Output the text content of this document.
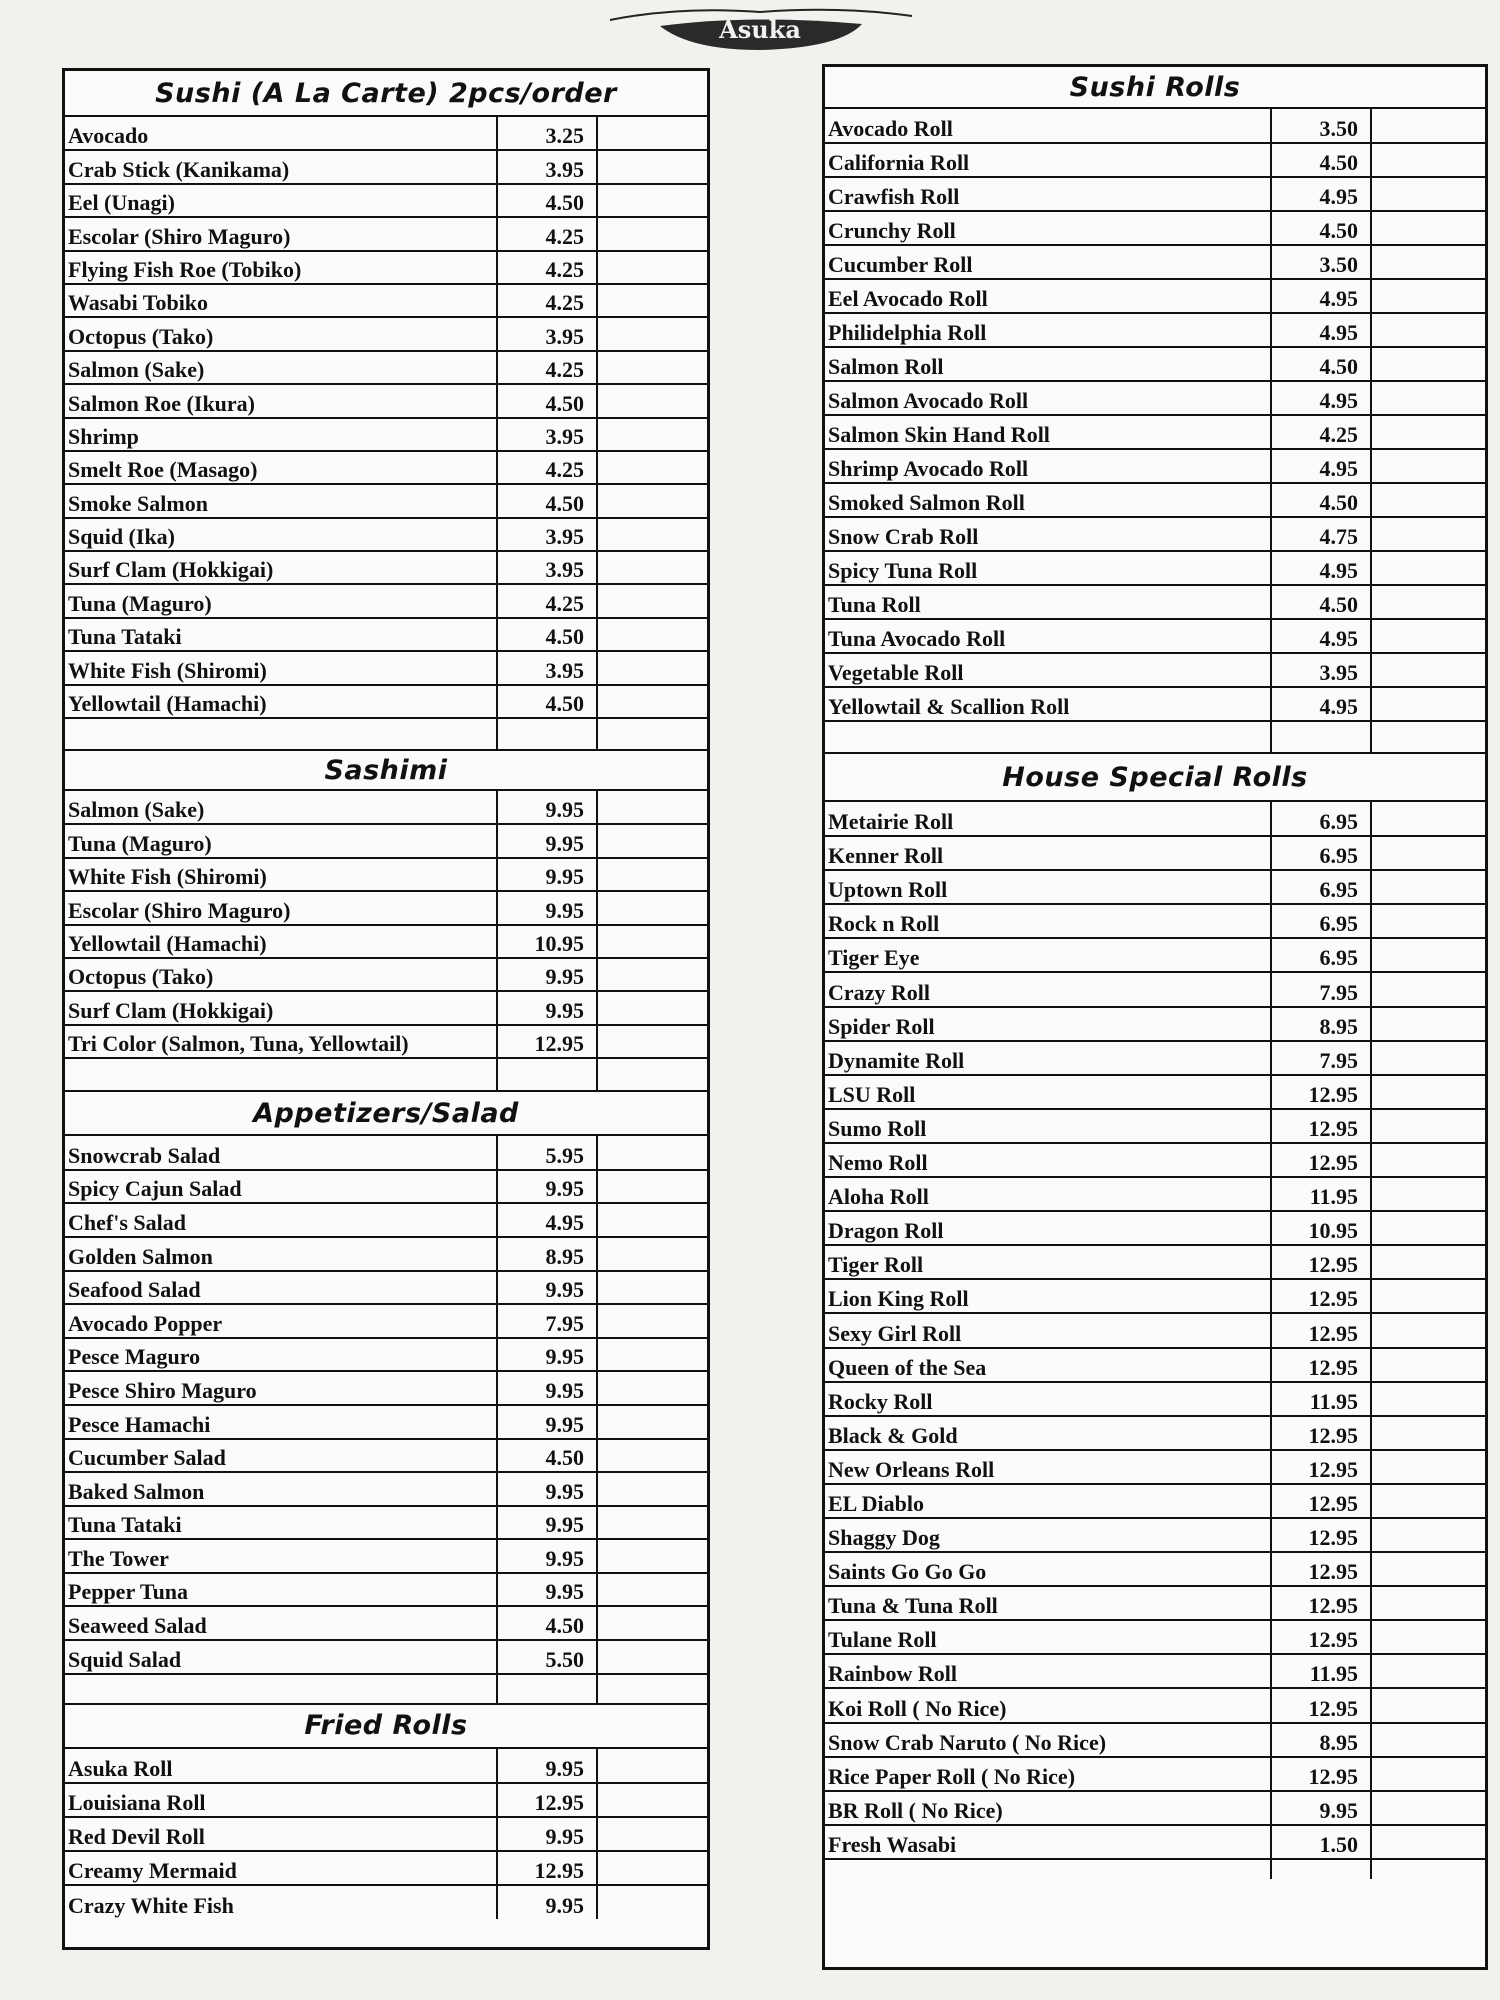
Asuka
Sushi (A La Carte) 2pcs/order
Avocado	3.25	
Crab Stick (Kanikama)	3.95	
Eel (Unagi)	4.50	
Escolar (Shiro Maguro)	4.25	
Flying Fish Roe (Tobiko)	4.25	
Wasabi Tobiko	4.25	
Octopus (Tako)	3.95	
Salmon (Sake)	4.25	
Salmon Roe (Ikura)	4.50	
Shrimp	3.95	
Smelt Roe (Masago)	4.25	
Smoke Salmon	4.50	
Squid (Ika)	3.95	
Surf Clam (Hokkigai)	3.95	
Tuna (Maguro)	4.25	
Tuna Tataki	4.50	
White Fish (Shiromi)	3.95	
Yellowtail (Hamachi)	4.50	

Sashimi
Salmon (Sake)	9.95	
Tuna (Maguro)	9.95	
White Fish (Shiromi)	9.95	
Escolar (Shiro Maguro)	9.95	
Yellowtail (Hamachi)	10.95	
Octopus (Tako)	9.95	
Surf Clam (Hokkigai)	9.95	
Tri Color (Salmon, Tuna, Yellowtail)	12.95	

Appetizers/Salad
Snowcrab Salad	5.95	
Spicy Cajun Salad	9.95	
Chef's Salad	4.95	
Golden Salmon	8.95	
Seafood Salad	9.95	
Avocado Popper	7.95	
Pesce Maguro	9.95	
Pesce Shiro Maguro	9.95	
Pesce Hamachi	9.95	
Cucumber Salad	4.50	
Baked Salmon	9.95	
Tuna Tataki	9.95	
The Tower	9.95	
Pepper Tuna	9.95	
Seaweed Salad	4.50	
Squid Salad	5.50	

Fried Rolls
Asuka Roll	9.95	
Louisiana Roll	12.95	
Red Devil Roll	9.95	
Creamy Mermaid	12.95	
Crazy White Fish	9.95	
Sushi Rolls
Avocado Roll	3.50	
California Roll	4.50	
Crawfish Roll	4.95	
Crunchy Roll	4.50	
Cucumber Roll	3.50	
Eel Avocado Roll	4.95	
Philidelphia Roll	4.95	
Salmon Roll	4.50	
Salmon Avocado Roll	4.95	
Salmon Skin Hand Roll	4.25	
Shrimp Avocado Roll	4.95	
Smoked Salmon Roll	4.50	
Snow Crab Roll	4.75	
Spicy Tuna Roll	4.95	
Tuna Roll	4.50	
Tuna Avocado Roll	4.95	
Vegetable Roll	3.95	
Yellowtail & Scallion Roll	4.95	

House Special Rolls
Metairie Roll	6.95	
Kenner Roll	6.95	
Uptown Roll	6.95	
Rock n Roll	6.95	
Tiger Eye	6.95	
Crazy Roll	7.95	
Spider Roll	8.95	
Dynamite Roll	7.95	
LSU Roll	12.95	
Sumo Roll	12.95	
Nemo Roll	12.95	
Aloha Roll	11.95	
Dragon Roll	10.95	
Tiger Roll	12.95	
Lion King Roll	12.95	
Sexy Girl Roll	12.95	
Queen of the Sea	12.95	
Rocky Roll	11.95	
Black & Gold	12.95	
New Orleans Roll	12.95	
EL Diablo	12.95	
Shaggy Dog	12.95	
Saints Go Go Go	12.95	
Tuna & Tuna Roll	12.95	
Tulane Roll	12.95	
Rainbow Roll	11.95	
Koi Roll ( No Rice)	12.95	
Snow Crab Naruto ( No Rice)	8.95	
Rice Paper Roll ( No Rice)	12.95	
BR Roll ( No Rice)	9.95	
Fresh Wasabi	1.50	
